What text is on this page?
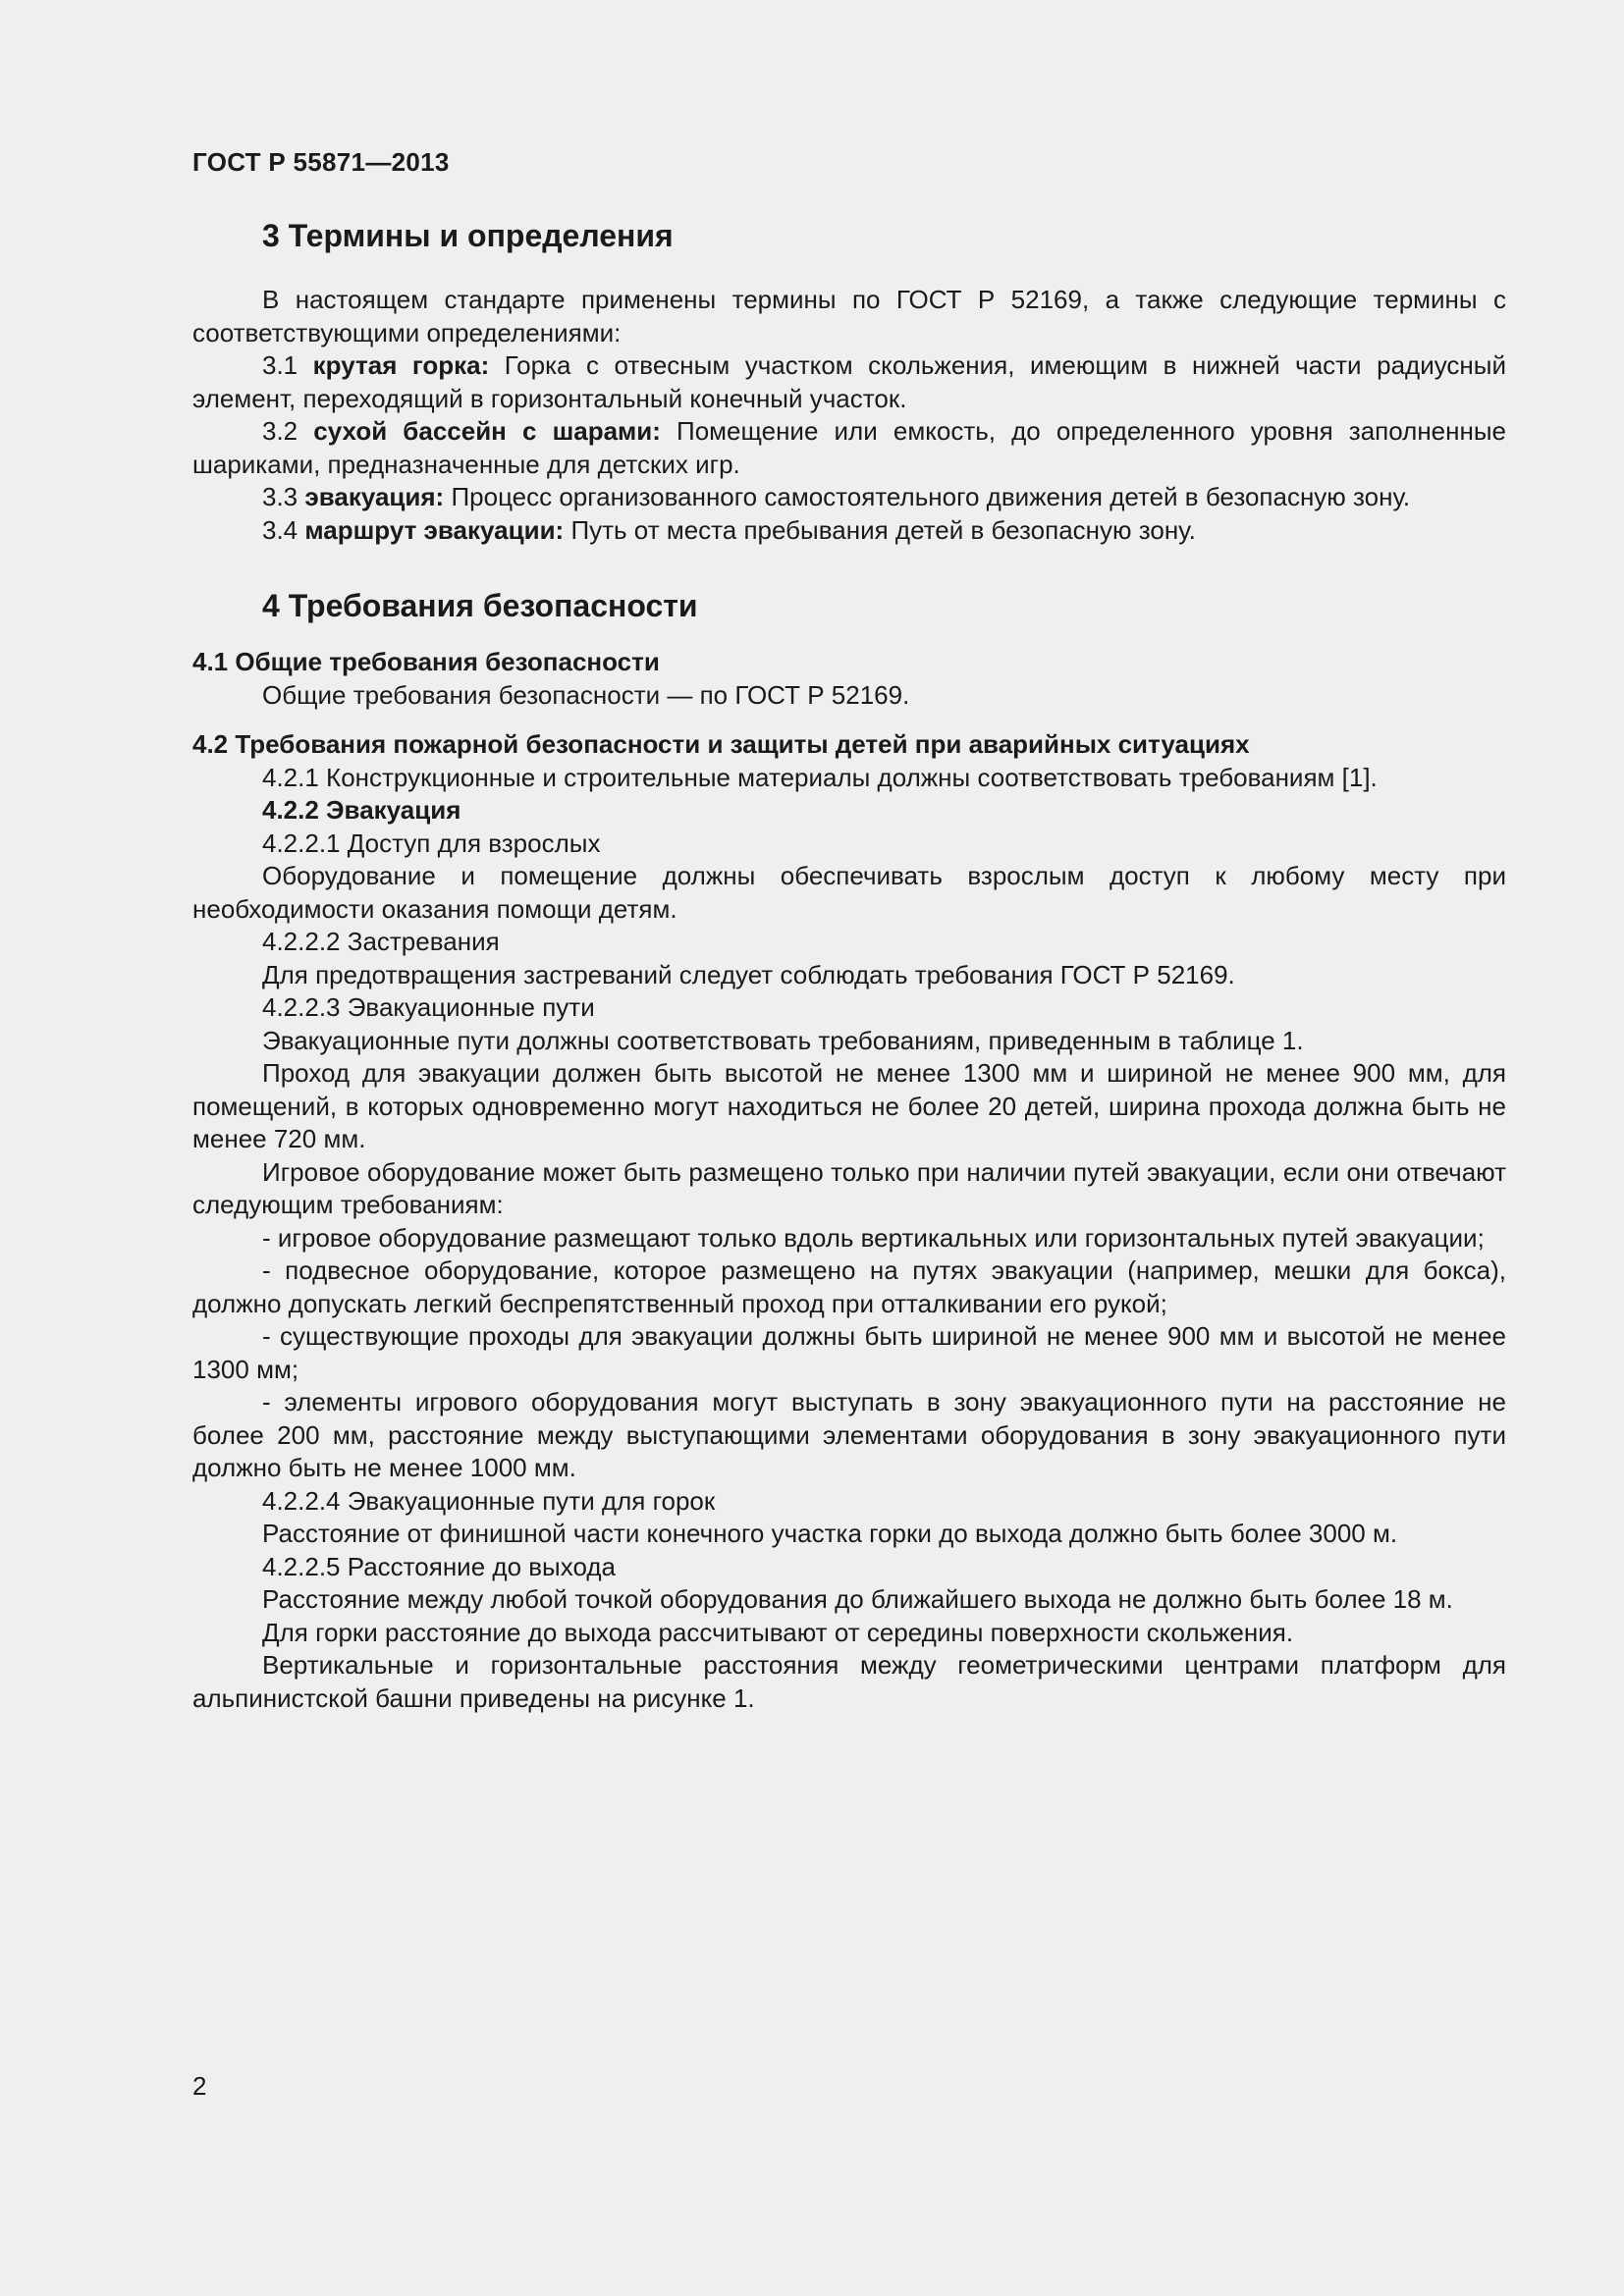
ГОСТ Р 55871—2013
3 Термины и определения

В настоящем стандарте применены термины по ГОСТ Р 52169, а также следующие термины с соответствующими определениями:

3.1 крутая горка: Горка с отвесным участком скольжения, имеющим в нижней части радиусный элемент, переходящий в горизонтальный конечный участок.

3.2 сухой бассейн с шарами: Помещение или емкость, до определенного уровня заполненные шариками, предназначенные для детских игр.

3.3 эвакуация: Процесс организованного самостоятельного движения детей в безопасную зону.

3.4 маршрут эвакуации: Путь от места пребывания детей в безопасную зону.

4 Требования безопасности

4.1 Общие требования безопасности

Общие требования безопасности — по ГОСТ Р 52169.

4.2 Требования пожарной безопасности и защиты детей при аварийных ситуациях

4.2.1 Конструкционные и строительные материалы должны соответствовать требованиям [1].

4.2.2 Эвакуация

4.2.2.1 Доступ для взрослых

Оборудование и помещение должны обеспечивать взрослым доступ к любому месту при необходимости оказания помощи детям.

4.2.2.2 Застревания

Для предотвращения застреваний следует соблюдать требования ГОСТ Р 52169.

4.2.2.3 Эвакуационные пути

Эвакуационные пути должны соответствовать требованиям, приведенным в таблице 1.

Проход для эвакуации должен быть высотой не менее 1300 мм и шириной не менее 900 мм, для помещений, в которых одновременно могут находиться не более 20 детей, ширина прохода должна быть не менее 720 мм.

Игровое оборудование может быть размещено только при наличии путей эвакуации, если они отвечают следующим требованиям:

- игровое оборудование размещают только вдоль вертикальных или горизонтальных путей эвакуации;

- подвесное оборудование, которое размещено на путях эвакуации (например, мешки для бокса), должно допускать легкий беспрепятственный проход при отталкивании его рукой;

- существующие проходы для эвакуации должны быть шириной не менее 900 мм и высотой не менее 1300 мм;

- элементы игрового оборудования могут выступать в зону эвакуационного пути на расстояние не более 200 мм, расстояние между выступающими элементами оборудования в зону эвакуационного пути должно быть не менее 1000 мм.

4.2.2.4 Эвакуационные пути для горок

Расстояние от финишной части конечного участка горки до выхода должно быть более 3000 м.

4.2.2.5 Расстояние до выхода

Расстояние между любой точкой оборудования до ближайшего выхода не должно быть более 18 м.

Для горки расстояние до выхода рассчитывают от середины поверхности скольжения.

Вертикальные и горизонтальные расстояния между геометрическими центрами платформ для альпинистской башни приведены на рисунке 1.

2
